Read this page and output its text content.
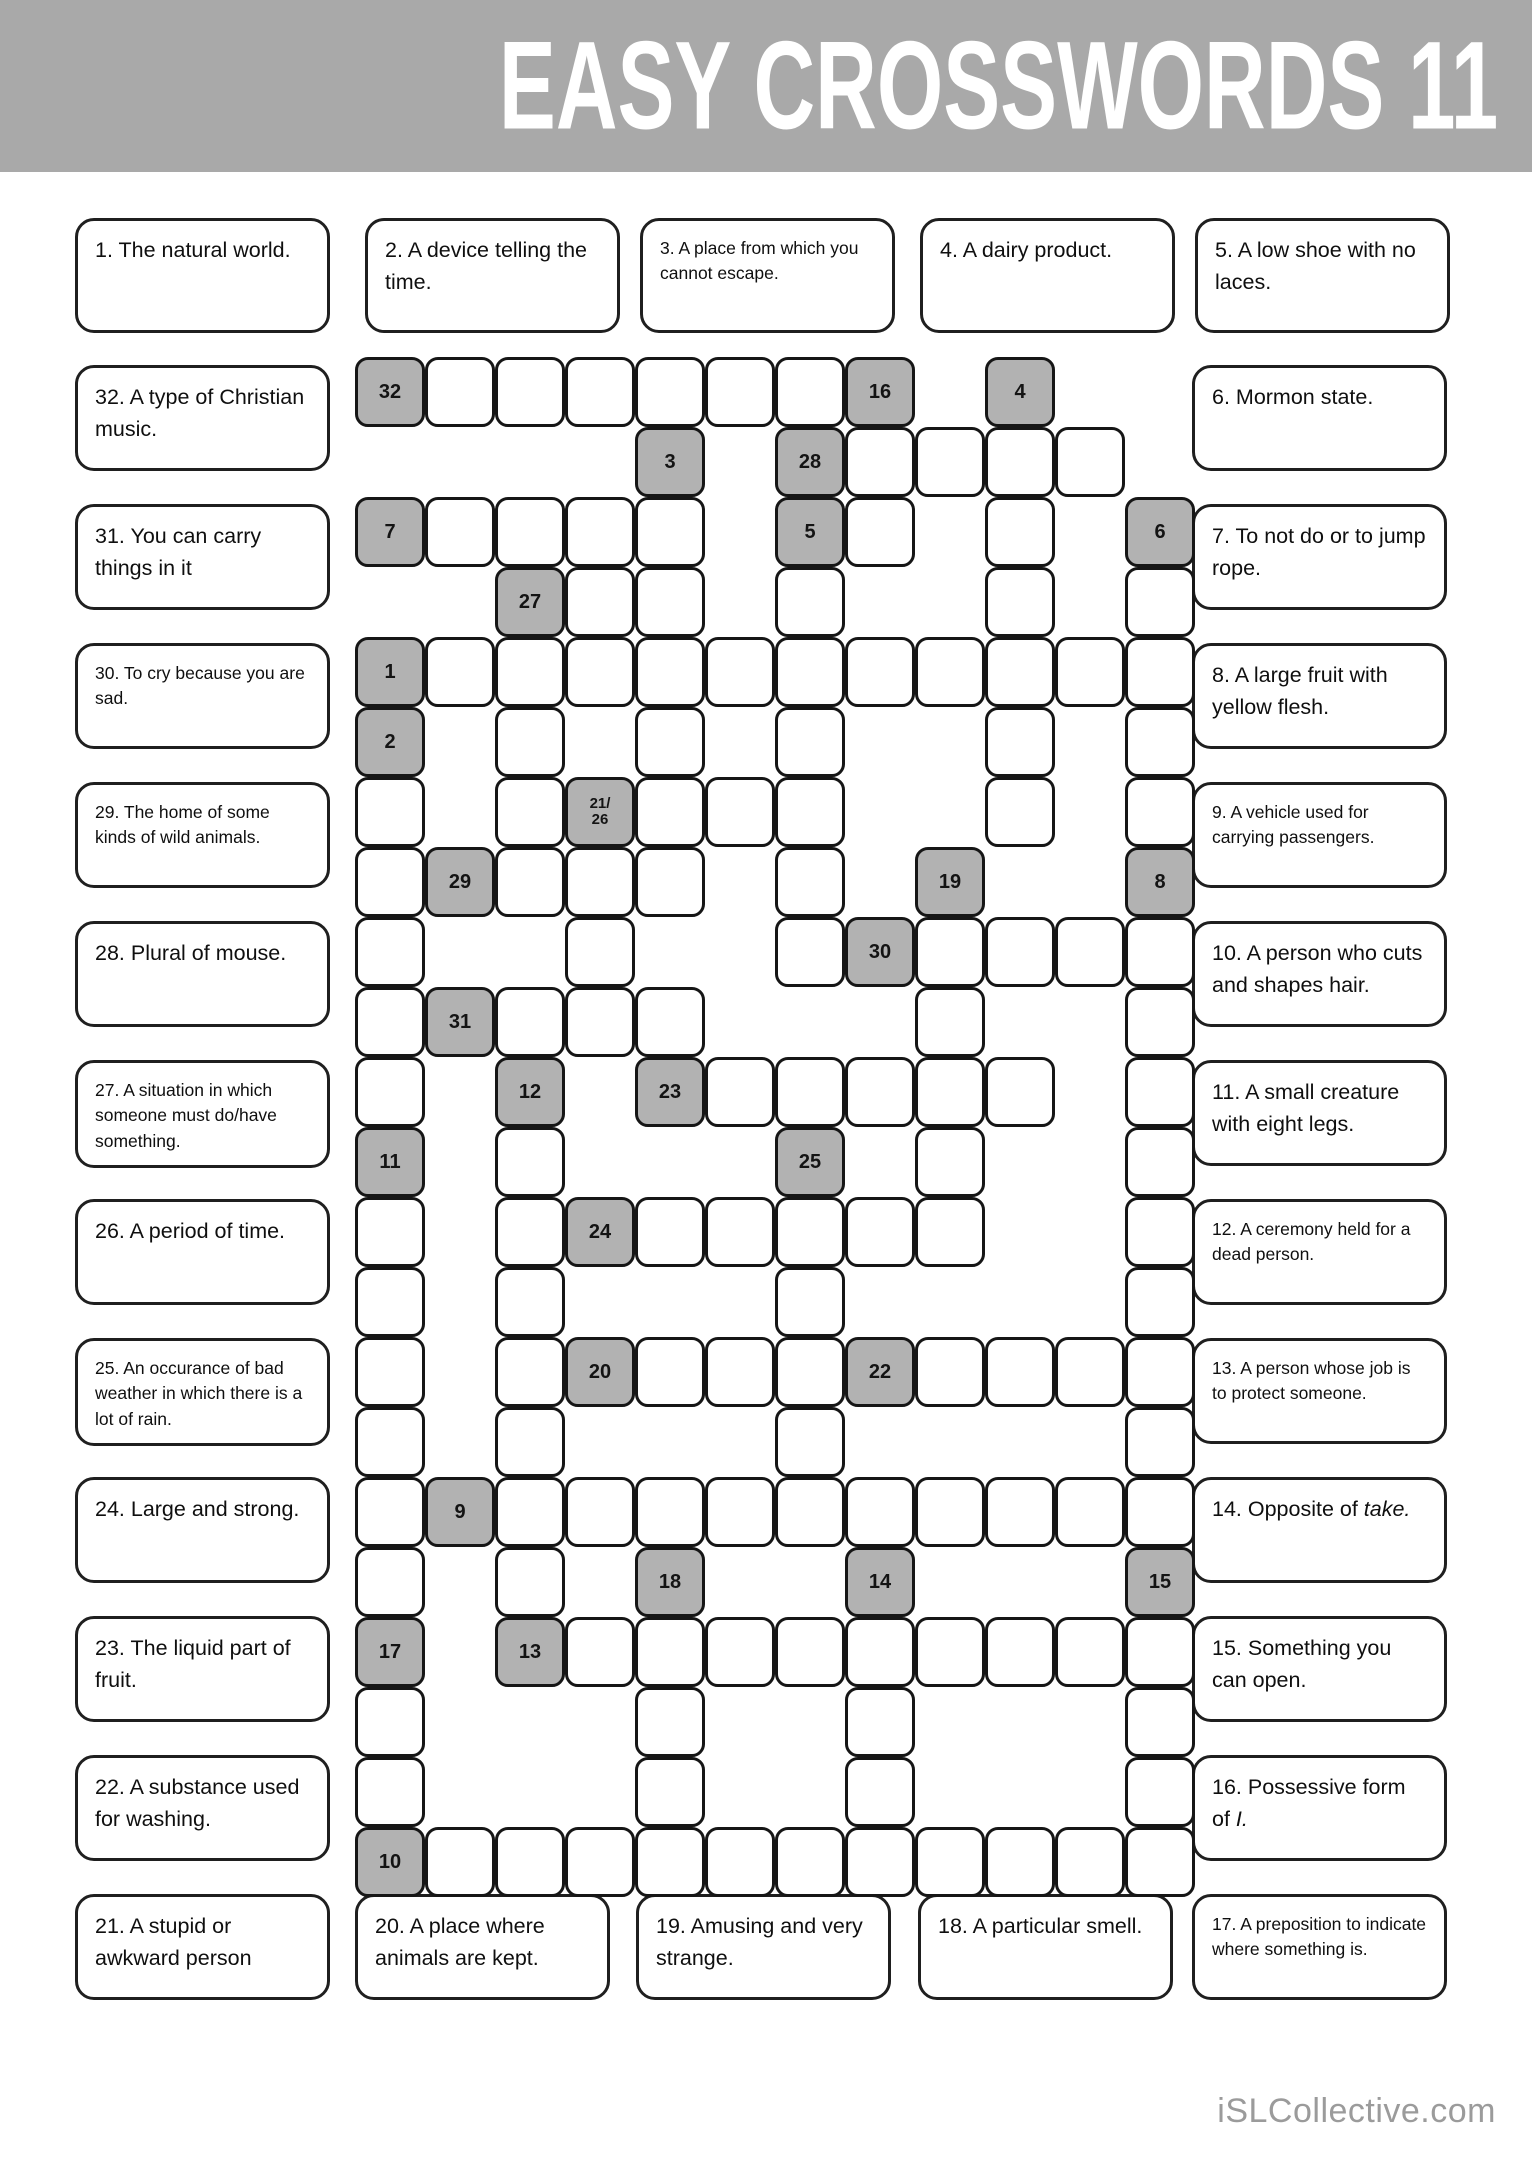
EASY CROSSWORDS 11
1. The natural world.	2. A device telling the time.
3. A place from which you cannot escape.
4. A dairy product.	5. A low shoe with no laces.
32. A type of Christian music.
31. You can carry things in it
30. To cry because you are sad.
29. The home of some kinds of wild animals.
28. Plural of mouse.
27. A situation in which someone must do/have something.
26. A period of time.
25. An occurance of bad weather in which there is a lot of rain.
24. Large and strong.
23. The liquid part of fruit.
22. A substance used for washing.
21. A stupid or awkward person
6. Mormon state.
7. To not do or to jump rope.
8. A large fruit with yellow flesh.
9. A vehicle used for carrying passengers.
10. A person who cuts and shapes hair.
11. A small creature with eight legs.
12. A ceremony held for a dead person.
13. A person whose job is to protect someone.
14. Opposite of take.
15. Something you can open.
16. Possessive form of I.
17. A preposition to indicate where something is.
20. A place where animals are kept.
19. Amusing and very strange.
18. A particular smell.
32	16	4
3	28
7	5	6
27
1
2
21/
26
29	19	8
30
31
12	23
11	25
24
20	22
9
18	14	15
17	13
10
iSLCollective.com
